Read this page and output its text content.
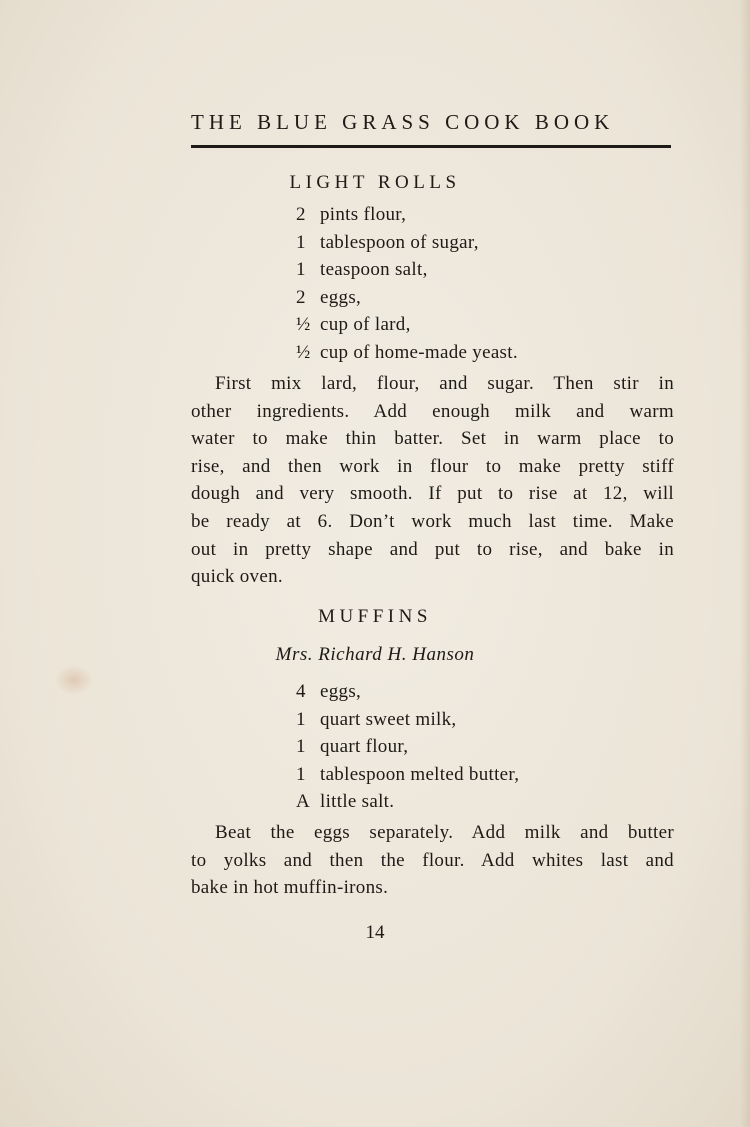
THE BLUE GRASS COOK BOOK
LIGHT ROLLS
2 pints flour,
1 tablespoon of sugar,
1 teaspoon salt,
2 eggs,
½ cup of lard,
½ cup of home-made yeast.

First mix lard, flour, and sugar. Then stir in
other ingredients. Add enough milk and warm
water to make thin batter. Set in warm place to
rise, and then work in flour to make pretty stiff
dough and very smooth. If put to rise at 12, will
be ready at 6. Don’t work much last time. Make
out in pretty shape and put to rise, and bake in
quick oven.

MUFFINS
Mrs. Richard H. Hanson
4 eggs,
1 quart sweet milk,
1 quart flour,
1 tablespoon melted butter,
A little salt.

Beat the eggs separately. Add milk and butter
to yolks and then the flour. Add whites last and
bake in hot muffin-irons.

14
